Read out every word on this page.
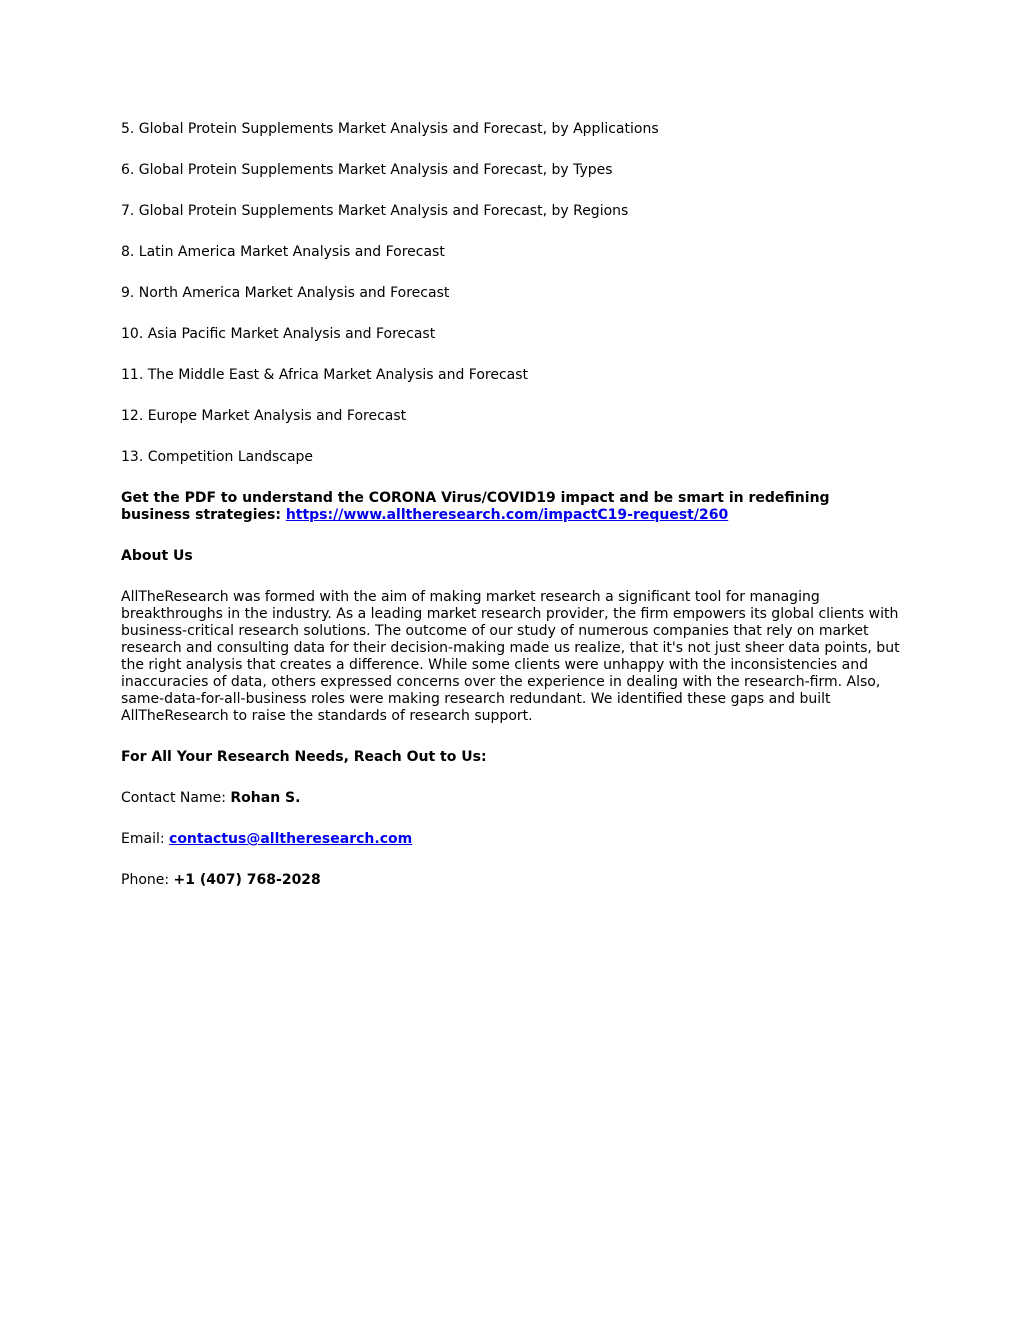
5. Global Protein Supplements Market Analysis and Forecast, by Applications
6. Global Protein Supplements Market Analysis and Forecast, by Types
7. Global Protein Supplements Market Analysis and Forecast, by Regions
8. Latin America Market Analysis and Forecast
9. North America Market Analysis and Forecast
10. Asia Pacific Market Analysis and Forecast
11. The Middle East & Africa Market Analysis and Forecast
12. Europe Market Analysis and Forecast
13. Competition Landscape

Get the PDF to understand the CORONA Virus/COVID19 impact and be smart in redefining business strategies: https://www.alltheresearch.com/impactC19-request/260

About Us

AllTheResearch was formed with the aim of making market research a significant tool for managing breakthroughs in the industry. As a leading market research provider, the firm empowers its global clients with business-critical research solutions. The outcome of our study of numerous companies that rely on market research and consulting data for their decision-making made us realize, that it's not just sheer data points, but the right analysis that creates a difference. While some clients were unhappy with the inconsistencies and inaccuracies of data, others expressed concerns over the experience in dealing with the research-firm. Also, same-data-for-all-business roles were making research redundant. We identified these gaps and built AllTheResearch to raise the standards of research support.

For All Your Research Needs, Reach Out to Us:

Contact Name: Rohan S.

Email: contactus@alltheresearch.com

Phone: +1 (407) 768-2028
